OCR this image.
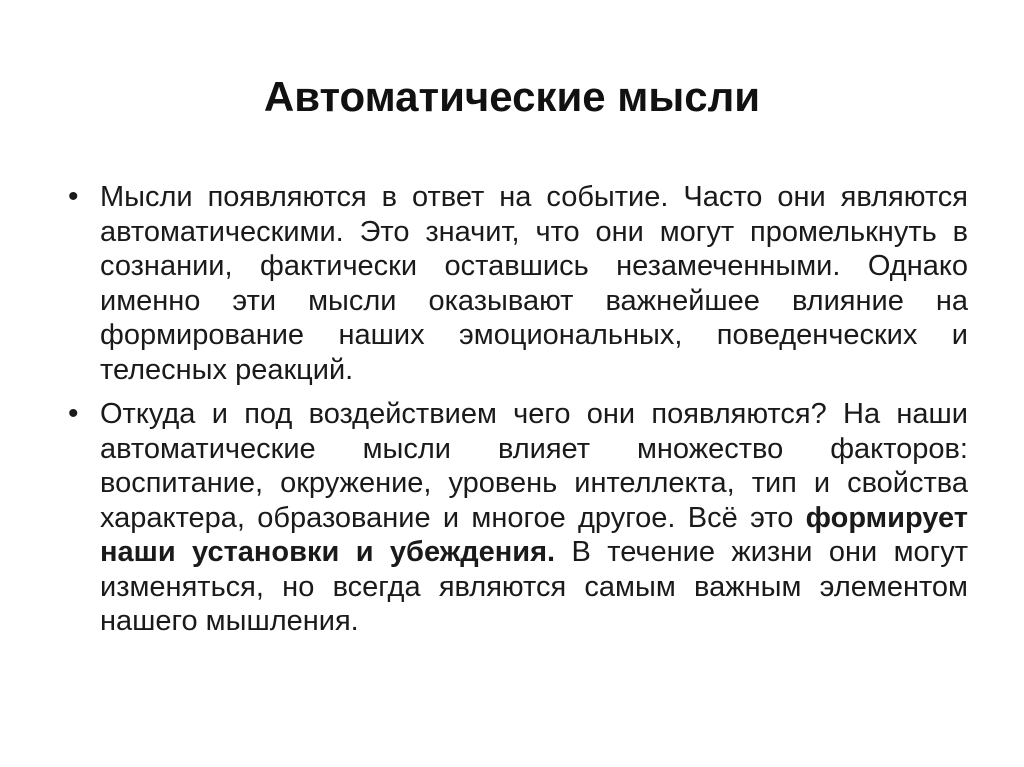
Автоматические мысли
• Мысли появляются в ответ на событие. Часто они являются автоматическими. Это значит, что они могут промелькнуть в сознании, фактически оставшись незамеченными. Однако именно эти мысли оказывают важнейшее влияние на формирование наших эмоциональных, поведенческих и телесных реакций.

• Откуда и под воздействием чего они появляются? На наши автоматические мысли влияет множество факторов: воспитание, окружение, уровень интеллекта, тип и свойства характера, образование и многое другое. Всё это формирует наши установки и убеждения. В течение жизни они могут изменяться, но всегда являются самым важным элементом нашего мышления.
